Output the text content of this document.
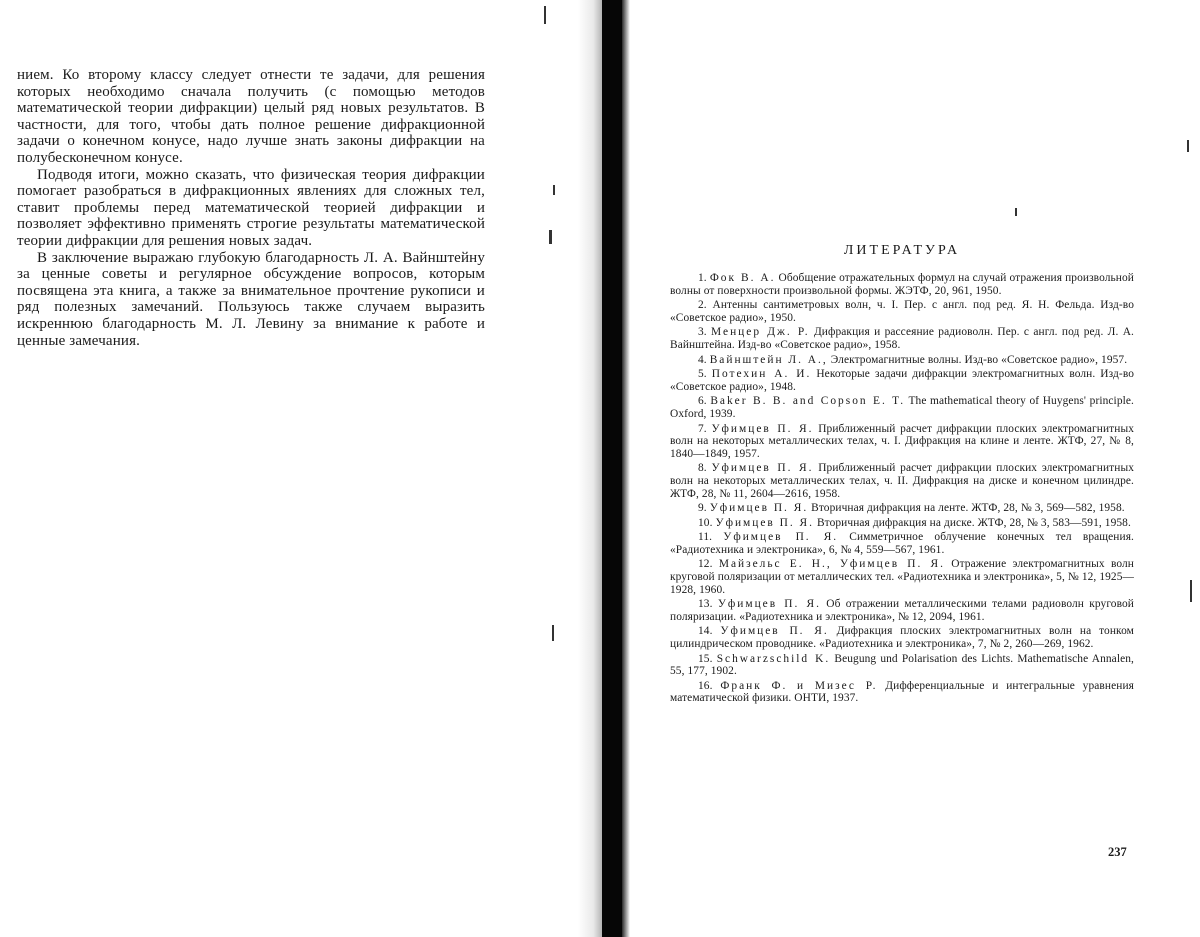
нием. Ко второму классу следует отнести те задачи, для решения которых необходимо сначала получить (с помощью методов математической теории дифракции) целый ряд новых результатов. В частности, для того, чтобы дать полное решение дифракционной задачи о конечном конусе, надо лучше знать законы дифракции на полубесконечном конусе.

Подводя итоги, можно сказать, что физическая теория дифракции помогает разобраться в дифракционных явлениях для сложных тел, ставит проблемы перед математической теорией дифракции и позволяет эффективно применять строгие результаты математической теории дифракции для решения новых задач.

В заключение выражаю глубокую благодарность Л. А. Вайнштейну за ценные советы и регулярное обсуждение вопросов, которым посвящена эта книга, а также за внимательное прочтение рукописи и ряд полезных замечаний. Пользуюсь также случаем выразить искреннюю благодарность М. Л. Левину за внимание к работе и ценные замечания.

ЛИТЕРАТУРА

1. Фок В. А. Обобщение отражательных формул на случай отражения произвольной волны от поверхности произвольной формы. ЖЭТФ, 20, 961, 1950.

2. Антенны сантиметровых волн, ч. I. Пер. с англ. под ред. Я. Н. Фельда. Изд-во «Советское радио», 1950.

3. Менцер Дж. Р. Дифракция и рассеяние радиоволн. Пер. с англ. под ред. Л. А. Вайнштейна. Изд-во «Советское радио», 1958.

4. Вайнштейн Л. А., Электромагнитные волны. Изд-во «Советское радио», 1957.

5. Потехин А. И. Некоторые задачи дифракции электромагнитных волн. Изд-во «Советское радио», 1948.

6. Baker B. B. and Copson E. T. The mathematical theory of Huygens' principle. Oxford, 1939.

7. Уфимцев П. Я. Приближенный расчет дифракции плоских электромагнитных волн на некоторых металлических телах, ч. I. Дифракция на клине и ленте. ЖТФ, 27, № 8, 1840—1849, 1957.

8. Уфимцев П. Я. Приближенный расчет дифракции плоских электромагнитных волн на некоторых металлических телах, ч. II. Дифракция на диске и конечном цилиндре. ЖТФ, 28, № 11, 2604—2616, 1958.

9. Уфимцев П. Я. Вторичная дифракция на ленте. ЖТФ, 28, № 3, 569—582, 1958.

10. Уфимцев П. Я. Вторичная дифракция на диске. ЖТФ, 28, № 3, 583—591, 1958.

11. Уфимцев П. Я. Симметричное облучение конечных тел вращения. «Радиотехника и электроника», 6, № 4, 559—567, 1961.

12. Майзельс Е. Н., Уфимцев П. Я. Отражение электромагнитных волн круговой поляризации от металлических тел. «Радиотехника и электроника», 5, № 12, 1925—1928, 1960.

13. Уфимцев П. Я. Об отражении металлическими телами радиоволн круговой поляризации. «Радиотехника и электроника», № 12, 2094, 1961.

14. Уфимцев П. Я. Дифракция плоских электромагнитных волн на тонком цилиндрическом проводнике. «Радиотехника и электроника», 7, № 2, 260—269, 1962.

15. Schwarzschild K. Beugung und Polarisation des Lichts. Mathematische Annalen, 55, 177, 1902.

16. Франк Ф. и Мизес Р. Дифференциальные и интегральные уравнения математической физики. ОНТИ, 1937.

237
